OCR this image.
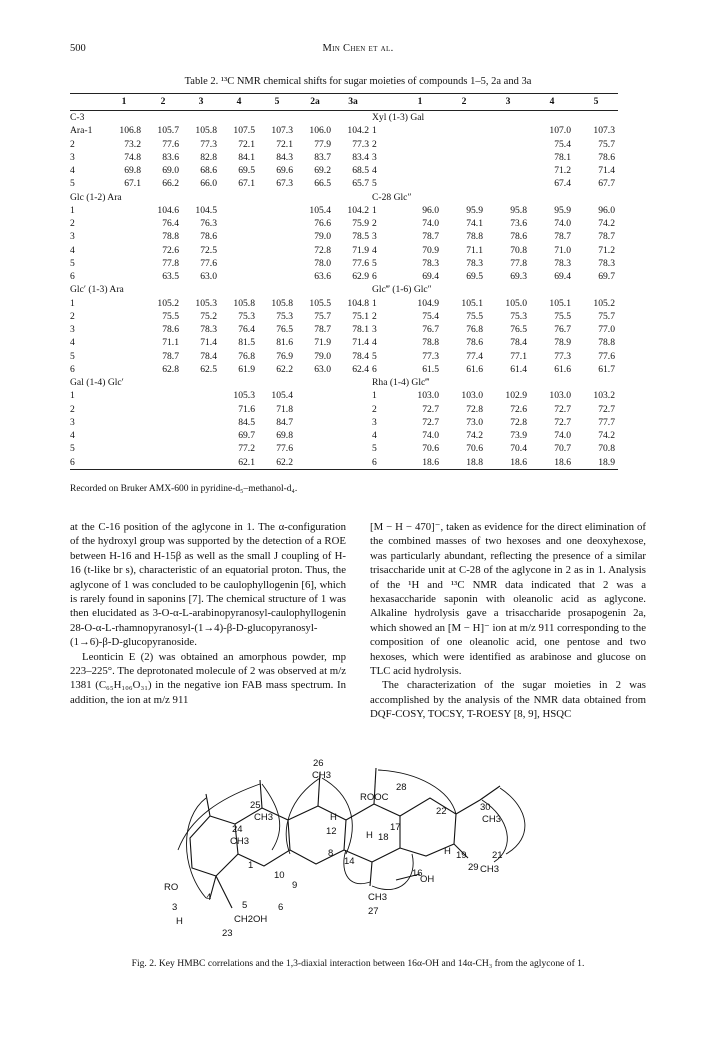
500	Min Chen et al.
Table 2. ¹³C NMR chemical shifts for sugar moieties of compounds 1–5, 2a and 3a
	1	2	3	4	5	2a	3a		1	2	3	4	5
C-3								Xyl (1-3) Gal					
Ara-1	106.8	105.7	105.8	107.5	107.3	106.0	104.2	1				107.0	107.3
2	73.2	77.6	77.3	72.1	72.1	77.9	77.3	2				75.4	75.7
3	74.8	83.6	82.8	84.1	84.3	83.7	83.4	3				78.1	78.6
4	69.8	69.0	68.6	69.5	69.6	69.2	68.5	4				71.2	71.4
5	67.1	66.2	66.0	67.1	67.3	66.5	65.7	5				67.4	67.7
Glc (1-2) Ara								C-28 Glc″					
1		104.6	104.5			105.4	104.2	1	96.0	95.9	95.8	95.9	96.0
2		76.4	76.3			76.6	75.9	2	74.0	74.1	73.6	74.0	74.2
3		78.8	78.6			79.0	78.5	3	78.7	78.8	78.6	78.7	78.7
4		72.6	72.5			72.8	71.9	4	70.9	71.1	70.8	71.0	71.2
5		77.8	77.6			78.0	77.6	5	78.3	78.3	77.8	78.3	78.3
6		63.5	63.0			63.6	62.9	6	69.4	69.5	69.3	69.4	69.7
Glc′ (1-3) Ara								Glc‴ (1-6) Glc″					
1		105.2	105.3	105.8	105.8	105.5	104.8	1	104.9	105.1	105.0	105.1	105.2
2		75.5	75.2	75.3	75.3	75.7	75.1	2	75.4	75.5	75.3	75.5	75.7
3		78.6	78.3	76.4	76.5	78.7	78.1	3	76.7	76.8	76.5	76.7	77.0
4		71.1	71.4	81.5	81.6	71.9	71.4	4	78.8	78.6	78.4	78.9	78.8
5		78.7	78.4	76.8	76.9	79.0	78.4	5	77.3	77.4	77.1	77.3	77.6
6		62.8	62.5	61.9	62.2	63.0	62.4	6	61.5	61.6	61.4	61.6	61.7
Gal (1-4) Glc′								Rha (1-4) Glc‴					
1				105.3	105.4			1	103.0	103.0	102.9	103.0	103.2
2				71.6	71.8			2	72.7	72.8	72.6	72.7	72.7
3				84.5	84.7			3	72.7	73.0	72.8	72.7	77.7
4				69.7	69.8			4	74.0	74.2	73.9	74.0	74.2
5				77.2	77.6			5	70.6	70.6	70.4	70.7	70.8
6				62.1	62.2			6	18.6	18.8	18.6	18.6	18.9
Recorded on Bruker AMX-600 in pyridine-d₅–methanol-d₄.

at the C-16 position of the aglycone in 1. The α-configuration of the hydroxyl group was supported by the detection of a ROE between H-16 and H-15β as well as the small J coupling of H-16 (t-like br s), characteristic of an equatorial proton. Thus, the aglycone of 1 was concluded to be caulophyllogenin [6], which is rarely found in saponins [7]. The chemical structure of 1 was then elucidated as 3-O-α-L-arabinopyranosyl-caulophyllogenin 28-O-α-L-rhamnopyranosyl-(1→4)-β-D-glucopyranosyl-(1→6)-β-D-glucopyranoside.

Leonticin E (2) was obtained an amorphous powder, mp 223–225°. The deprotonated molecule of 2 was observed at m/z 1381 (C₆₅H₁₀₆O₃₁) in the negative ion FAB mass spectrum. In addition, the ion at m/z 911

[M − H − 470]⁻, taken as evidence for the direct elimination of the combined masses of two hexoses and one deoxyhexose, was particularly abundant, reflecting the presence of a similar trisaccharide unit at C-28 of the aglycone in 2 as in 1. Analysis of the ¹H and ¹³C NMR data indicated that 2 was a hexasaccharide saponin with oleanolic acid as aglycone. Alkaline hydrolysis gave a trisaccharide prosapogenin 2a, which showed an [M − H]⁻ ion at m/z 911 corresponding to the composition of one oleanolic acid, one pentose and two hexoses, which were identified as arabinose and glucose on TLC acid hydrolysis.

The characterization of the sugar moieties in 2 was accomplished by the analysis of the NMR data obtained from DQF-COSY, TOCSY, T-ROESY [8, 9], HSQC

26
CH3
ROOC
28
25
CH3	H
12	17
18
H
22	30
CH3
24
CH3
H 19	21
8
14
1
10	16
29 CH3
RO	9
3
4
5	6
CH3
OH
H	CH2OH
27
23
Fig. 2. Key HMBC correlations and the 1,3-diaxial interaction between 16α-OH and 14α-CH₃ from the aglycone of 1.
